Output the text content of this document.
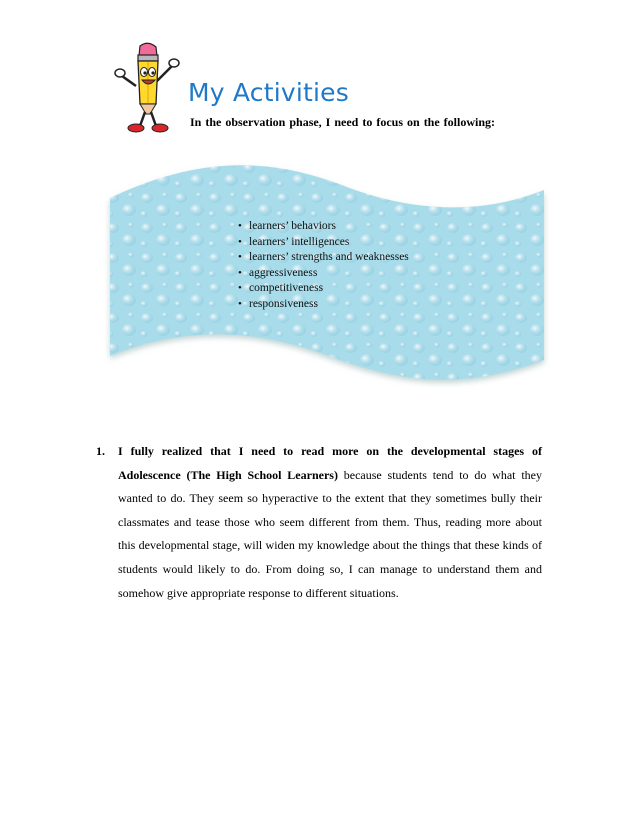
My Activities
In the observation phase, I need to focus on the following:
• learners’ behaviors
• learners’ intelligences
• learners’ strengths and weaknesses
• aggressiveness
• competitiveness
• responsiveness

1. I fully realized that I need to read more on the developmental stages of Adolescence (The High School Learners) because students tend to do what they wanted to do. They seem so hyperactive to the extent that they sometimes bully their classmates and tease those who seem different from them. Thus, reading more about this developmental stage, will widen my knowledge about the things that these kinds of students would likely to do. From doing so, I can manage to understand them and somehow give appropriate response to different situations.
